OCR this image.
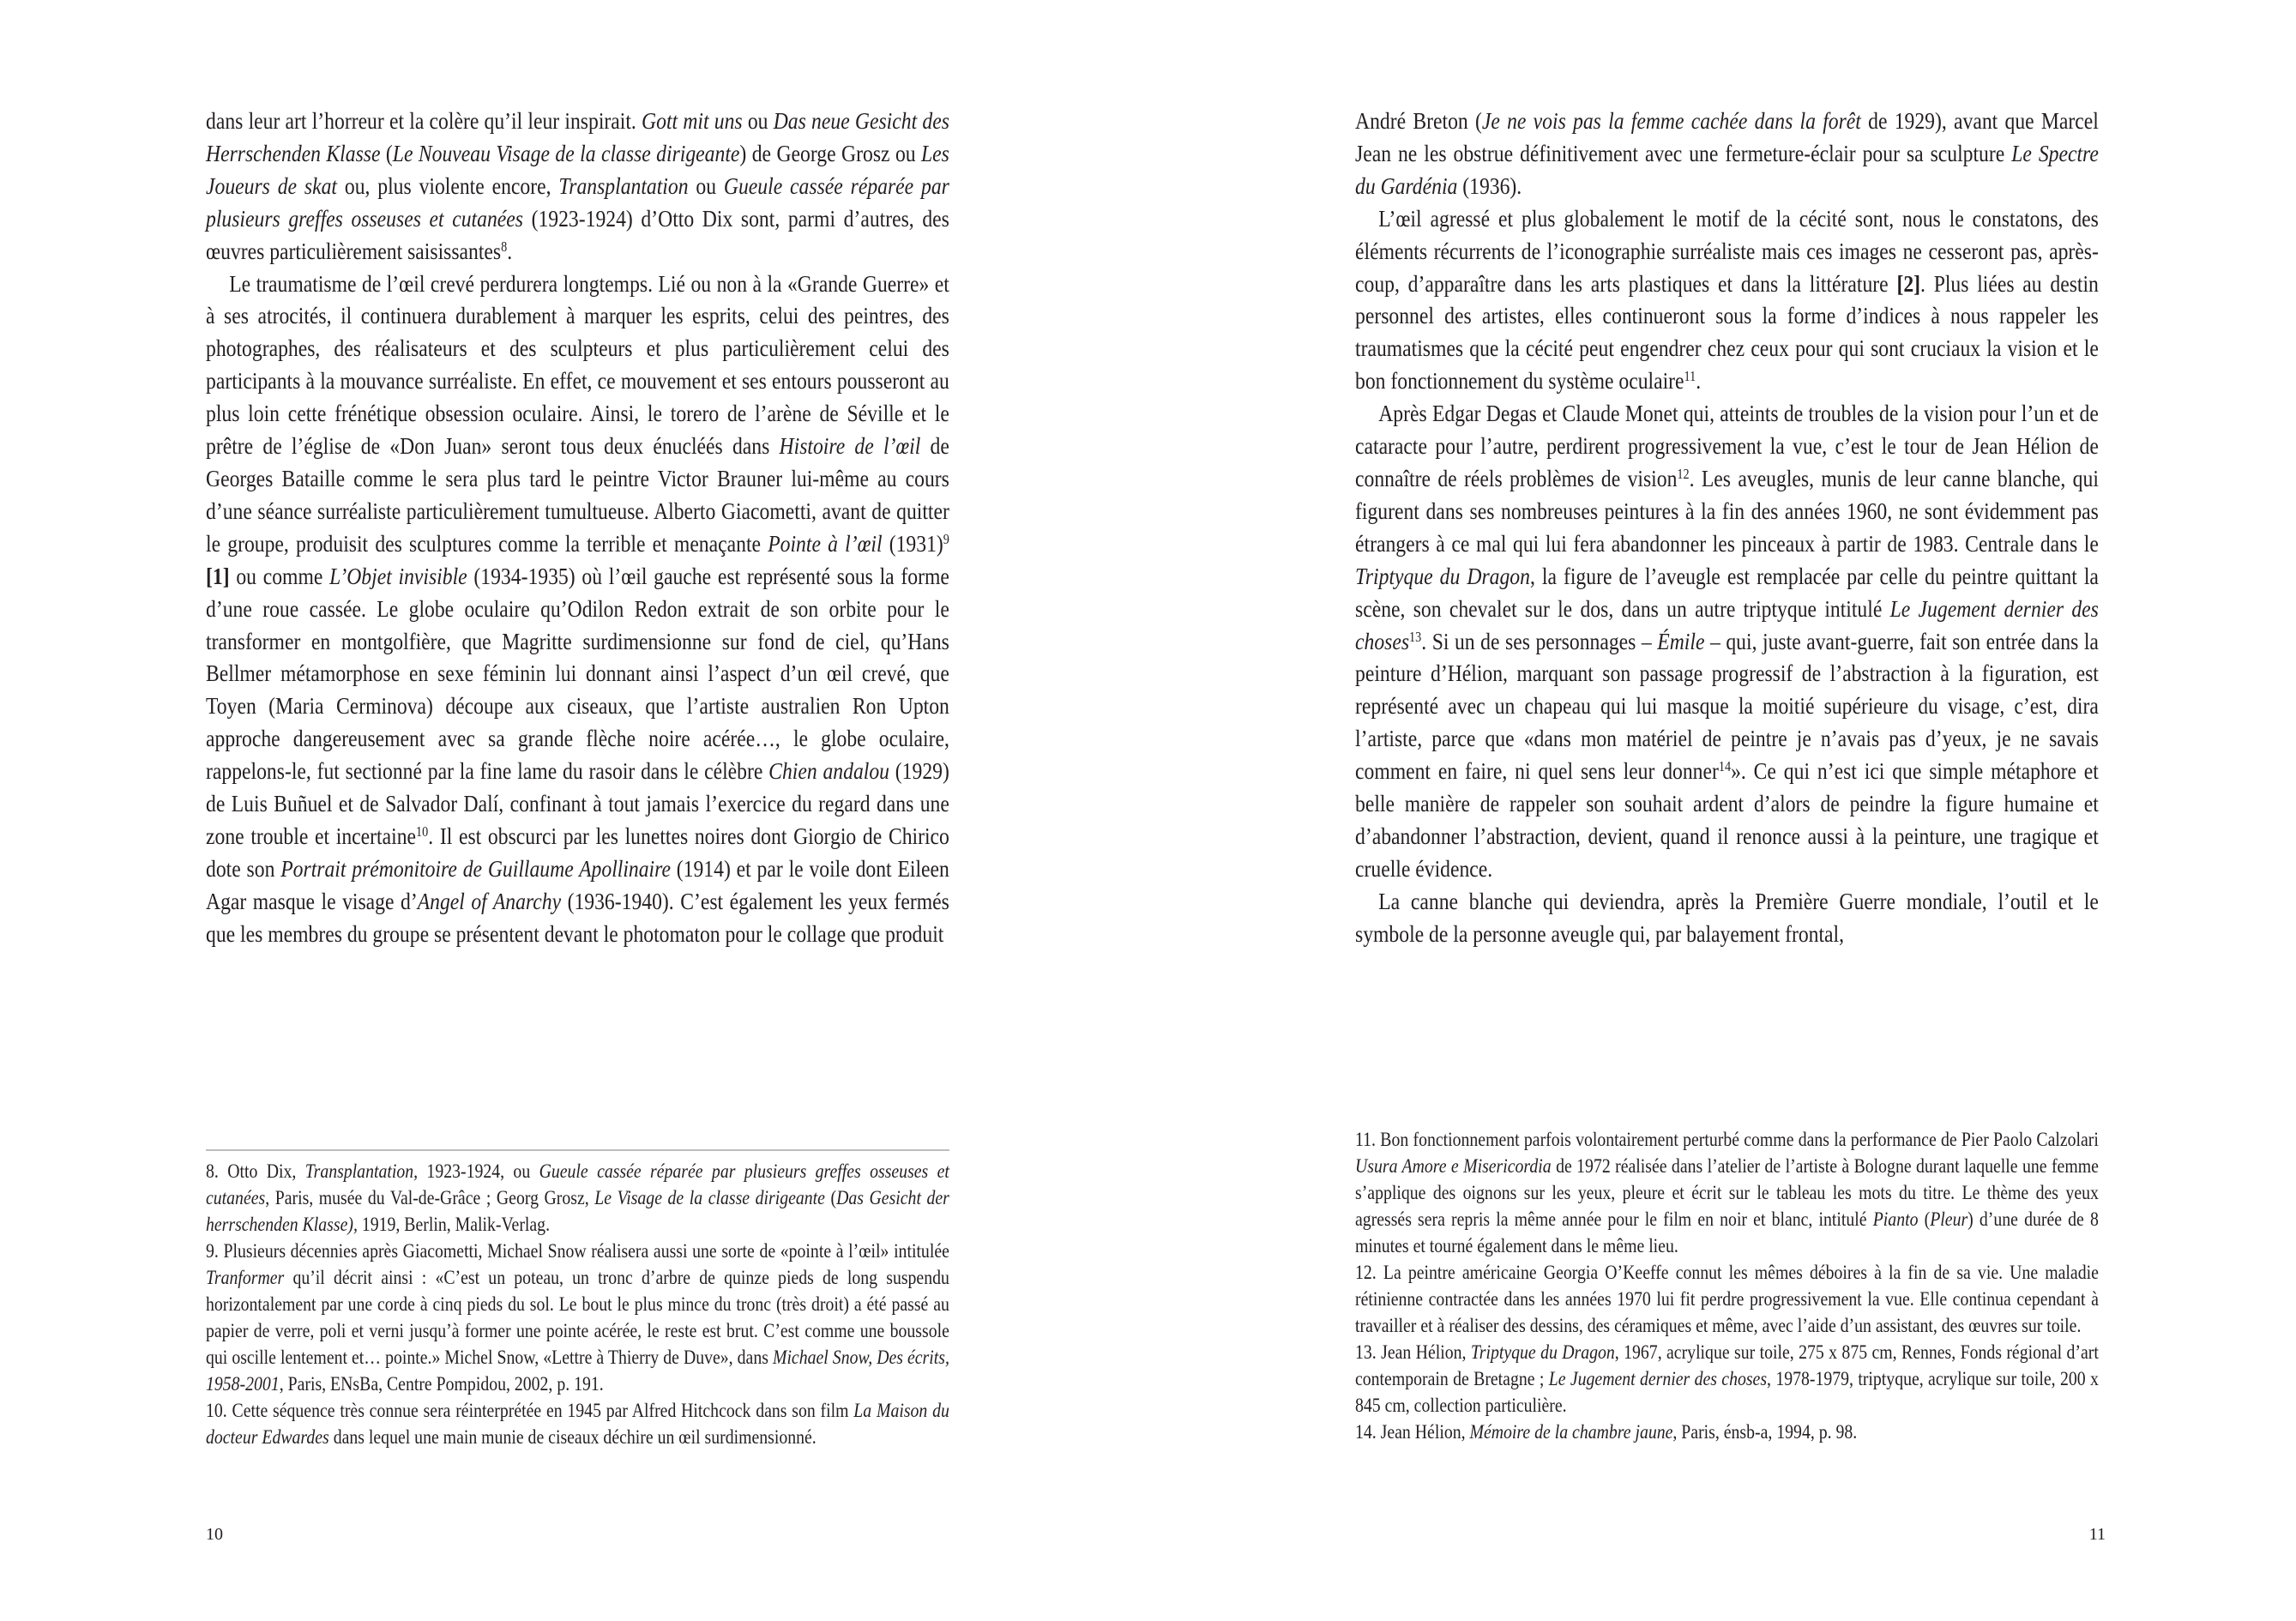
dans leur art l’horreur et la colère qu’il leur inspirait. Gott mit uns ou Das neue Gesicht des Herrschenden Klasse (Le Nouveau Visage de la classe dirigeante) de George Grosz ou Les Joueurs de skat ou, plus violente encore, Transplantation ou Gueule cassée réparée par plusieurs greffes osseuses et cutanées (1923-1924) d’Otto Dix sont, parmi d’autres, des œuvres particulièrement saisissantes$^8$.

Le traumatisme de l’œil crevé perdurera longtemps. Lié ou non à la «Grande Guerre» et à ses atrocités, il continuera durablement à marquer les esprits, celui des peintres, des photographes, des réalisateurs et des sculpteurs et plus particulièrement celui des participants à la mouvance surréaliste. En effet, ce mouvement et ses entours pousseront au plus loin cette frénétique obsession oculaire. Ainsi, le torero de l’arène de Séville et le prêtre de l’église de «Don Juan» seront tous deux énucléés dans Histoire de l’œil de Georges Bataille comme le sera plus tard le peintre Victor Brauner lui-même au cours d’une séance surréaliste particulièrement tumultueuse. Alberto Giacometti, avant de quitter le groupe, produisit des sculptures comme la terrible et menaçante Pointe à l’œil $(1931)^9$ [1] ou comme L’Objet invisible (1934-1935) où l’œil gauche est représenté sous la forme d’une roue cassée. Le globe oculaire qu’Odilon Redon extrait de son orbite pour le transformer en montgolfière, que Magritte surdimensionne sur fond de ciel, qu’Hans Bellmer métamorphose en sexe féminin lui donnant ainsi l’aspect d’un œil crevé, que Toyen (Maria Cerminova) découpe aux ciseaux, que l’artiste australien Ron Upton approche dangereusement avec sa grande flèche noire acérée…, le globe oculaire, rappelons-le, fut sectionné par la fine lame du rasoir dans le célèbre Chien andalou (1929) de Luis Buñuel et de Salvador Dalí, confinant à tout jamais l’exercice du regard dans une zone trouble et incertaine$^{10}$. Il est obscurci par les lunettes noires dont Giorgio de Chirico dote son Portrait prémonitoire de Guillaume Apollinaire (1914) et par le voile dont Eileen Agar masque le visage d’Angel of Anarchy (1936-1940). C’est également les yeux fermés que les membres du groupe se présentent devant le photomaton pour le collage que produit

8. Otto Dix, Transplantation, 1923-1924, ou Gueule cassée réparée par plusieurs greffes osseuses et cutanées, Paris, musée du Val-de-Grâce ; Georg Grosz, Le Visage de la classe dirigeante (Das Gesicht der herrschenden Klasse), 1919, Berlin, Malik-Verlag.

9. Plusieurs décennies après Giacometti, Michael Snow réalisera aussi une sorte de «pointe à l’œil» intitulée Tranformer qu’il décrit ainsi : «C’est un poteau, un tronc d’arbre de quinze pieds de long suspendu horizontalement par une corde à cinq pieds du sol. Le bout le plus mince du tronc (très droit) a été passé au papier de verre, poli et verni jusqu’à former une pointe acérée, le reste est brut. C’est comme une boussole qui oscille lentement et… pointe.» Michel Snow, «Lettre à Thierry de Duve», dans Michael Snow, Des écrits, 1958-2001, Paris, ENsBa, Centre Pompidou, 2002, p. 191.

10. Cette séquence très connue sera réinterprétée en 1945 par Alfred Hitchcock dans son film La Maison du docteur Edwardes dans lequel une main munie de ciseaux déchire un œil surdimensionné.

10

André Breton (Je ne vois pas la femme cachée dans la forêt de 1929), avant que Marcel Jean ne les obstrue définitivement avec une fermeture-éclair pour sa sculpture Le Spectre du Gardénia (1936).

L’œil agressé et plus globalement le motif de la cécité sont, nous le constatons, des éléments récurrents de l’iconographie surréaliste mais ces images ne cesseront pas, après-coup, d’apparaître dans les arts plastiques et dans la littérature [2]. Plus liées au destin personnel des artistes, elles continueront sous la forme d’indices à nous rappeler les traumatismes que la cécité peut engendrer chez ceux pour qui sont cruciaux la vision et le bon fonctionnement du système oculaire$^{11}$.

Après Edgar Degas et Claude Monet qui, atteints de troubles de la vision pour l’un et de cataracte pour l’autre, perdirent progressivement la vue, c’est le tour de Jean Hélion de connaître de réels problèmes de vision$^{12}$. Les aveugles, munis de leur canne blanche, qui figurent dans ses nombreuses peintures à la fin des années 1960, ne sont évidemment pas étrangers à ce mal qui lui fera abandonner les pinceaux à partir de 1983. Centrale dans le Triptyque du Dragon, la figure de l’aveugle est remplacée par celle du peintre quittant la scène, son chevalet sur le dos, dans un autre triptyque intitulé Le Jugement dernier des choses$^{13}$. Si un de ses personnages – Émile – qui, juste avant-guerre, fait son entrée dans la peinture d’Hélion, marquant son passage progressif de l’abstraction à la figuration, est représenté avec un chapeau qui lui masque la moitié supérieure du visage, c’est, dira l’artiste, parce que «dans mon matériel de peintre je n’avais pas d’yeux, je ne savais comment en faire, ni quel sens leur donner$^{14}$». Ce qui n’est ici que simple métaphore et belle manière de rappeler son souhait ardent d’alors de peindre la figure humaine et d’abandonner l’abstraction, devient, quand il renonce aussi à la peinture, une tragique et cruelle évidence.

La canne blanche qui deviendra, après la Première Guerre mondiale, l’outil et le symbole de la personne aveugle qui, par balayement frontal,

11. Bon fonctionnement parfois volontairement perturbé comme dans la performance de Pier Paolo Calzolari Usura Amore e Misericordia de 1972 réalisée dans l’atelier de l’artiste à Bologne durant laquelle une femme s’applique des oignons sur les yeux, pleure et écrit sur le tableau les mots du titre. Le thème des yeux agressés sera repris la même année pour le film en noir et blanc, intitulé Pianto (Pleur) d’une durée de 8 minutes et tourné également dans le même lieu.

12. La peintre américaine Georgia O’Keeffe connut les mêmes déboires à la fin de sa vie. Une maladie rétinienne contractée dans les années 1970 lui fit perdre progressivement la vue. Elle continua cependant à travailler et à réaliser des dessins, des céramiques et même, avec l’aide d’un assistant, des œuvres sur toile.

13. Jean Hélion, Triptyque du Dragon, 1967, acrylique sur toile, 275 x 875 cm, Rennes, Fonds régional d’art contemporain de Bretagne ; Le Jugement dernier des choses, 1978-1979, triptyque, acrylique sur toile, 200 x 845 cm, collection particulière.

14. Jean Hélion, Mémoire de la chambre jaune, Paris, énsb-a, 1994, p. 98.

11
